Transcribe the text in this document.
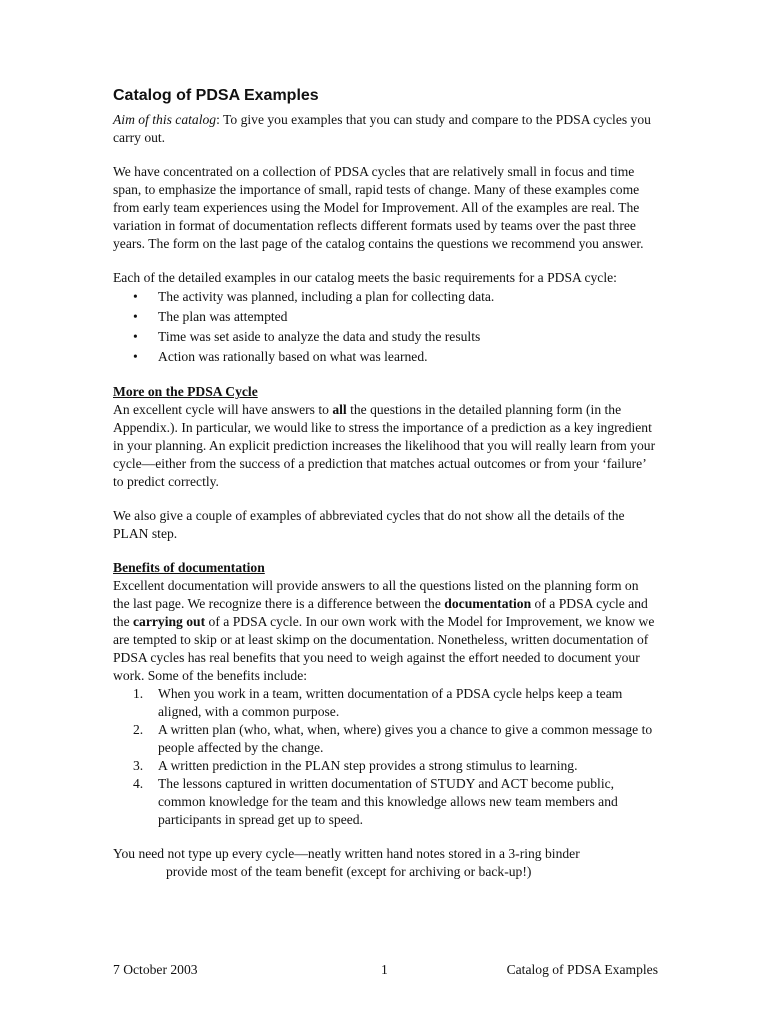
Catalog of PDSA Examples

Aim of this catalog: To give you examples that you can study and compare to the PDSA cycles you carry out.

We have concentrated on a collection of PDSA cycles that are relatively small in focus and time span, to emphasize the importance of small, rapid tests of change. Many of these examples come from early team experiences using the Model for Improvement. All of the examples are real. The variation in format of documentation reflects different formats used by teams over the past three years. The form on the last page of the catalog contains the questions we recommend you answer.

Each of the detailed examples in our catalog meets the basic requirements for a PDSA cycle:

• The activity was planned, including a plan for collecting data.
• The plan was attempted
• Time was set aside to analyze the data and study the results
• Action was rationally based on what was learned.

More on the PDSA Cycle

An excellent cycle will have answers to all the questions in the detailed planning form (in the Appendix.). In particular, we would like to stress the importance of a prediction as a key ingredient in your planning. An explicit prediction increases the likelihood that you will really learn from your cycle—either from the success of a prediction that matches actual outcomes or from your ‘failure’ to predict correctly.

We also give a couple of examples of abbreviated cycles that do not show all the details of the PLAN step.

Benefits of documentation

Excellent documentation will provide answers to all the questions listed on the planning form on the last page. We recognize there is a difference between the documentation of a PDSA cycle and the carrying out of a PDSA cycle. In our own work with the Model for Improvement, we know we are tempted to skip or at least skimp on the documentation. Nonetheless, written documentation of PDSA cycles has real benefits that you need to weigh against the effort needed to document your work. Some of the benefits include:

1. When you work in a team, written documentation of a PDSA cycle helps keep a team aligned, with a common purpose.
2. A written plan (who, what, when, where) gives you a chance to give a common message to people affected by the change.
3. A written prediction in the PLAN step provides a strong stimulus to learning.
4. The lessons captured in written documentation of STUDY and ACT become public, common knowledge for the team and this knowledge allows new team members and participants in spread get up to speed.

You need not type up every cycle—neatly written hand notes stored in a 3-ring binder

provide most of the team benefit (except for archiving or back-up!)

7 October 2003	1	Catalog of PDSA Examples
